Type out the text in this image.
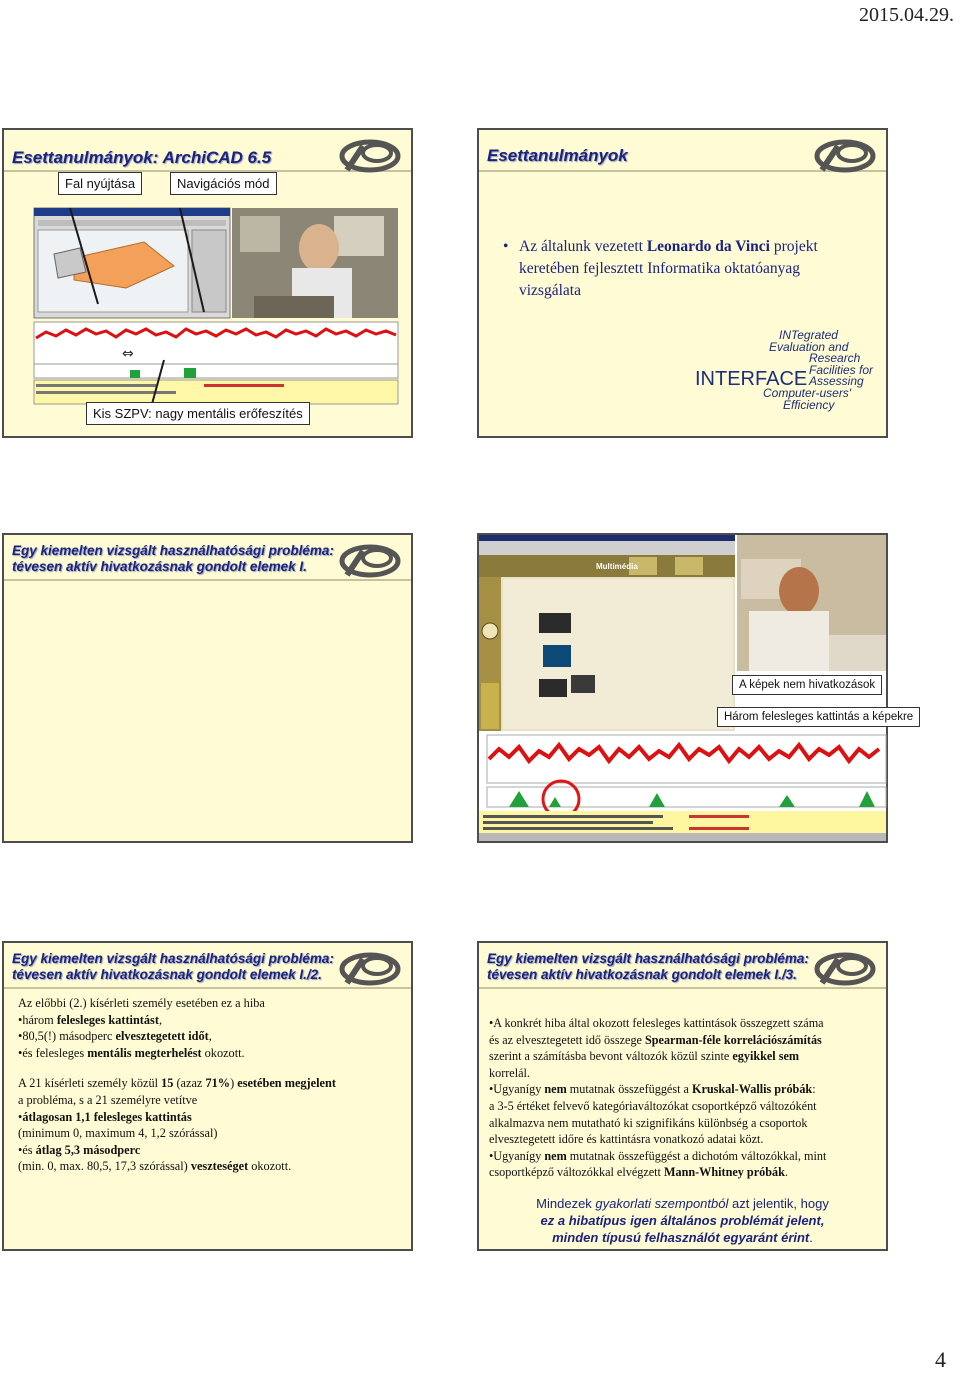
2015.04.29.
Esettanulmányok: ArchiCAD 6.5
Fal nyújtása	Navigációs mód
⇔
Kis SZPV: nagy mentális erőfeszítés
Esettanulmányok
• Az általunk vezetett Leonardo da Vinci projekt keretében fejlesztett Informatika oktatóanyag vizsgálata
INTERFACE
INTegrated
Evaluation and
Research
Facilities for
Assessing
Computer-users'
Efficiency
Egy kiemelten vizsgált használhatósági probléma:
tévesen aktív hivatkozásnak gondolt elemek I.	Multimédia
A képek nem hivatkozások
Három felesleges kattintás a képekre
Egy kiemelten vizsgált használhatósági probléma:
tévesen aktív hivatkozásnak gondolt elemek I./2.
Az előbbi (2.) kísérleti személy esetében ez a hiba
•három felesleges kattintást,
•80,5(!) másodperc elvesztegetett időt,
•és felesleges mentális megterhelést okozott.
A 21 kísérleti személy közül 15 (azaz 71%) esetében megjelent
a probléma, s a 21 személyre vetítve
•átlagosan 1,1 felesleges kattintás
(minimum 0, maximum 4, 1,2 szórással)
•és átlag 5,3 másodperc
(min. 0, max. 80,5, 17,3 szórással) veszteséget okozott.
Egy kiemelten vizsgált használhatósági probléma:
tévesen aktív hivatkozásnak gondolt elemek I./3.
•A konkrét hiba által okozott felesleges kattintások összegzett száma
és az elvesztegetett idő összege Spearman-féle korrelációszámítás
szerint a számításba bevont változók közül szinte egyikkel sem
korrelál.
•Ugyanígy nem mutatnak összefüggést a Kruskal-Wallis próbák:
a 3-5 értéket felvevő kategóriaváltozókat csoportképző változóként
alkalmazva nem mutatható ki szignifikáns különbség a csoportok
elvesztegetett időre és kattintásra vonatkozó adatai közt.
•Ugyanígy nem mutatnak összefüggést a dichotóm változókkal, mint
csoportképző változókkal elvégzett Mann-Whitney próbák.
Mindezek gyakorlati szempontból azt jelentik, hogy
ez a hibatípus igen általános problémát jelent,
minden típusú felhasználót egyaránt érint.
4
